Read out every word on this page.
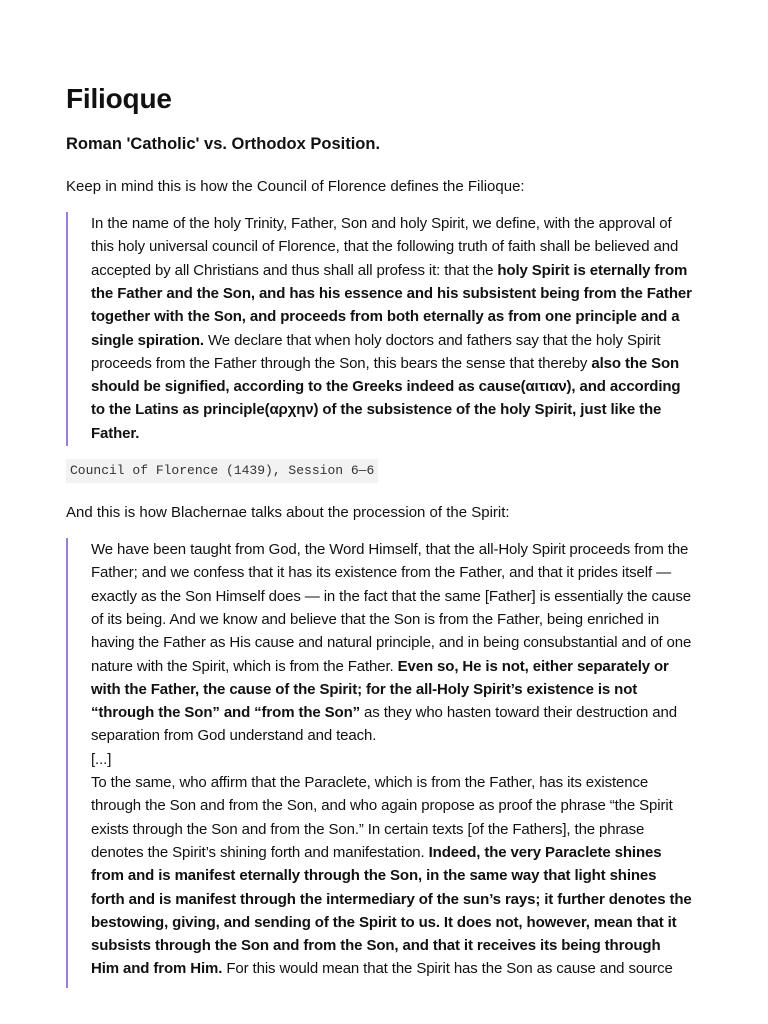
Filioque
Roman 'Catholic' vs. Orthodox Position.

Keep in mind this is how the Council of Florence defines the Filioque:

In the name of the holy Trinity, Father, Son and holy Spirit, we define, with the approval of
this holy universal council of Florence, that the following truth of faith shall be believed and
accepted by all Christians and thus shall all profess it: that the holy Spirit is eternally from
the Father and the Son, and has his essence and his subsistent being from the Father
together with the Son, and proceeds from both eternally as from one principle and a
single spiration. We declare that when holy doctors and fathers say that the holy Spirit
proceeds from the Father through the Son, this bears the sense that thereby also the Son
should be signified, according to the Greeks indeed as cause(αιτιαν), and according
to the Latins as principle(αρχην) of the subsistence of the holy Spirit, just like the
Father.
Council of Florence (1439), Session 6—6

And this is how Blachernae talks about the procession of the Spirit:

We have been taught from God, the Word Himself, that the all-Holy Spirit proceeds from the
Father; and we confess that it has its existence from the Father, and that it prides itself —
exactly as the Son Himself does — in the fact that the same [Father] is essentially the cause
of its being. And we know and believe that the Son is from the Father, being enriched in
having the Father as His cause and natural principle, and in being consubstantial and of one
nature with the Spirit, which is from the Father. Even so, He is not, either separately or
with the Father, the cause of the Spirit; for the all-Holy Spirit’s existence is not
“through the Son” and “from the Son” as they who hasten toward their destruction and
separation from God understand and teach.
[...]
To the same, who affirm that the Paraclete, which is from the Father, has its existence
through the Son and from the Son, and who again propose as proof the phrase “the Spirit
exists through the Son and from the Son.” In certain texts [of the Fathers], the phrase
denotes the Spirit’s shining forth and manifestation. Indeed, the very Paraclete shines
from and is manifest eternally through the Son, in the same way that light shines
forth and is manifest through the intermediary of the sun’s rays; it further denotes the
bestowing, giving, and sending of the Spirit to us. It does not, however, mean that it
subsists through the Son and from the Son, and that it receives its being through
Him and from Him. For this would mean that the Spirit has the Son as cause and source
